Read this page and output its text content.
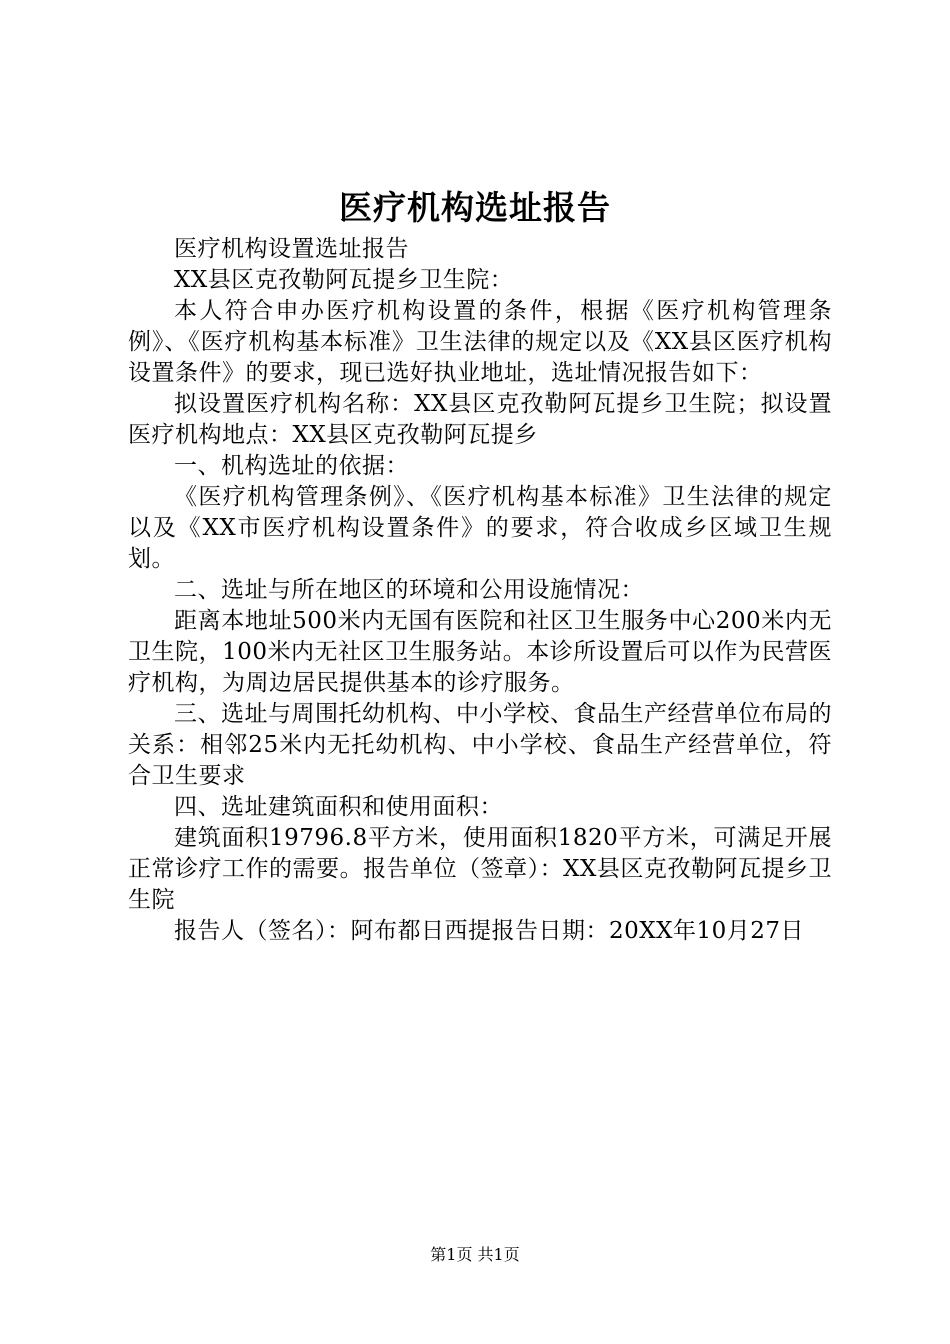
医疗机构选址报告

医疗机构设置选址报告

XX县区克孜勒阿瓦提乡卫生院：

本人符合申办医疗机构设置的条件，根据《医疗机构管理条例》、《医疗机构基本标准》卫生法律的规定以及《XX县区医疗机构设置条件》的要求，现已选好执业地址，选址情况报告如下：

拟设置医疗机构名称：XX县区克孜勒阿瓦提乡卫生院；拟设置医疗机构地点：XX县区克孜勒阿瓦提乡

一、机构选址的依据：

《医疗机构管理条例》、《医疗机构基本标准》卫生法律的规定以及《XX市医疗机构设置条件》的要求，符合收成乡区域卫生规划。

二、选址与所在地区的环境和公用设施情况：

距离本地址500米内无国有医院和社区卫生服务中心200米内无卫生院，100米内无社区卫生服务站。本诊所设置后可以作为民营医疗机构，为周边居民提供基本的诊疗服务。

三、选址与周围托幼机构、中小学校、食品生产经营单位布局的关系：相邻25米内无托幼机构、中小学校、食品生产经营单位，符合卫生要求

四、选址建筑面积和使用面积：

建筑面积19796.8平方米，使用面积1820平方米，可满足开展正常诊疗工作的需要。报告单位（签章）：XX县区克孜勒阿瓦提乡卫生院

报告人（签名）：阿布都日西提报告日期：20XX年10月27日

第1页 共1页
